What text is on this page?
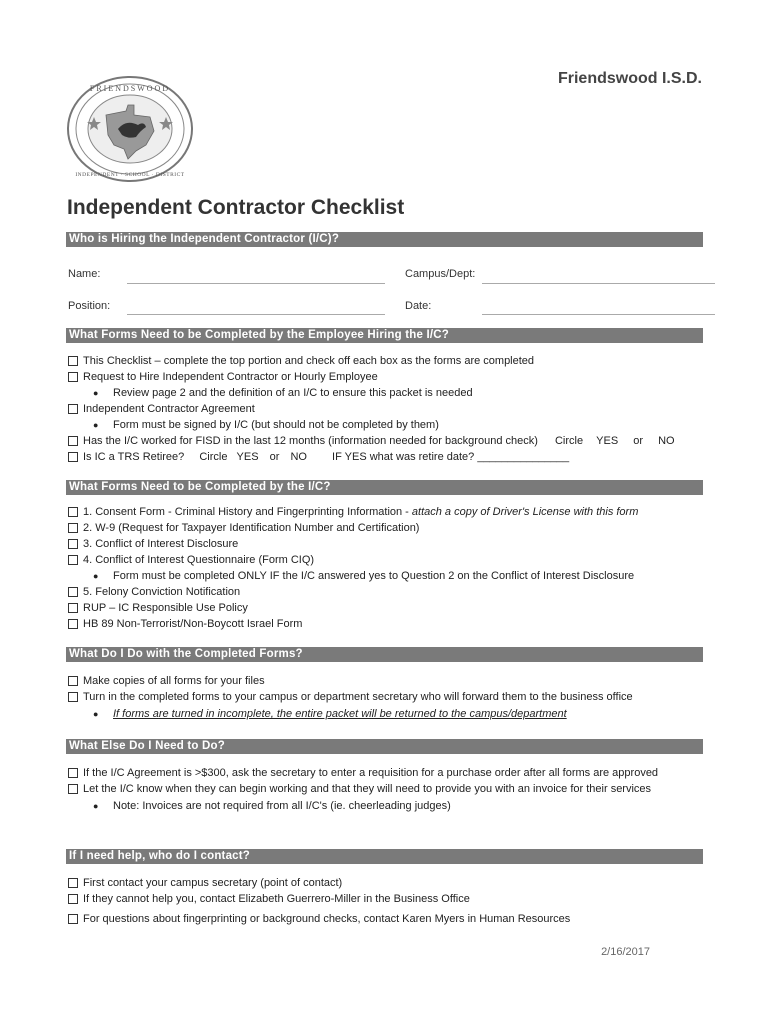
FRIENDSWOOD
INDEPENDENT · SCHOOL · DISTRICT
Friendswood I.S.D.
Independent Contractor Checklist
Who is Hiring the Independent Contractor (I/C)?
Name:	Campus/Dept:
Position:	Date:
What Forms Need to be Completed by the Employee Hiring the I/C?
This Checklist – complete the top portion and check off each box as the forms are completed
Request to Hire Independent Contractor or Hourly Employee
● Review page 2 and the definition of an I/C to ensure this packet is needed
Independent Contractor Agreement
● Form must be signed by I/C (but should not be completed by them)
Has the I/C worked for FISD in the last 12 months (information needed for background check) Circle YES or NO
Is IC a TRS Retiree? Circle YES or NO IF YES what was retire date? _______________
What Forms Need to be Completed by the I/C?
1. Consent Form - Criminal History and Fingerprinting Information - attach a copy of Driver's License with this form
2. W-9 (Request for Taxpayer Identification Number and Certification)
3. Conflict of Interest Disclosure
4. Conflict of Interest Questionnaire (Form CIQ)
● Form must be completed ONLY IF the I/C answered yes to Question 2 on the Conflict of Interest Disclosure
5. Felony Conviction Notification
RUP – IC Responsible Use Policy
HB 89 Non-Terrorist/Non-Boycott Israel Form
What Do I Do with the Completed Forms?
Make copies of all forms for your files
Turn in the completed forms to your campus or department secretary who will forward them to the business office
● If forms are turned in incomplete, the entire packet will be returned to the campus/department
What Else Do I Need to Do?
If the I/C Agreement is >$300, ask the secretary to enter a requisition for a purchase order after all forms are approved
Let the I/C know when they can begin working and that they will need to provide you with an invoice for their services
● Note: Invoices are not required from all I/C's (ie. cheerleading judges)
If I need help, who do I contact?
First contact your campus secretary (point of contact)
If they cannot help you, contact Elizabeth Guerrero-Miller in the Business Office
For questions about fingerprinting or background checks, contact Karen Myers in Human Resources
2/16/2017
